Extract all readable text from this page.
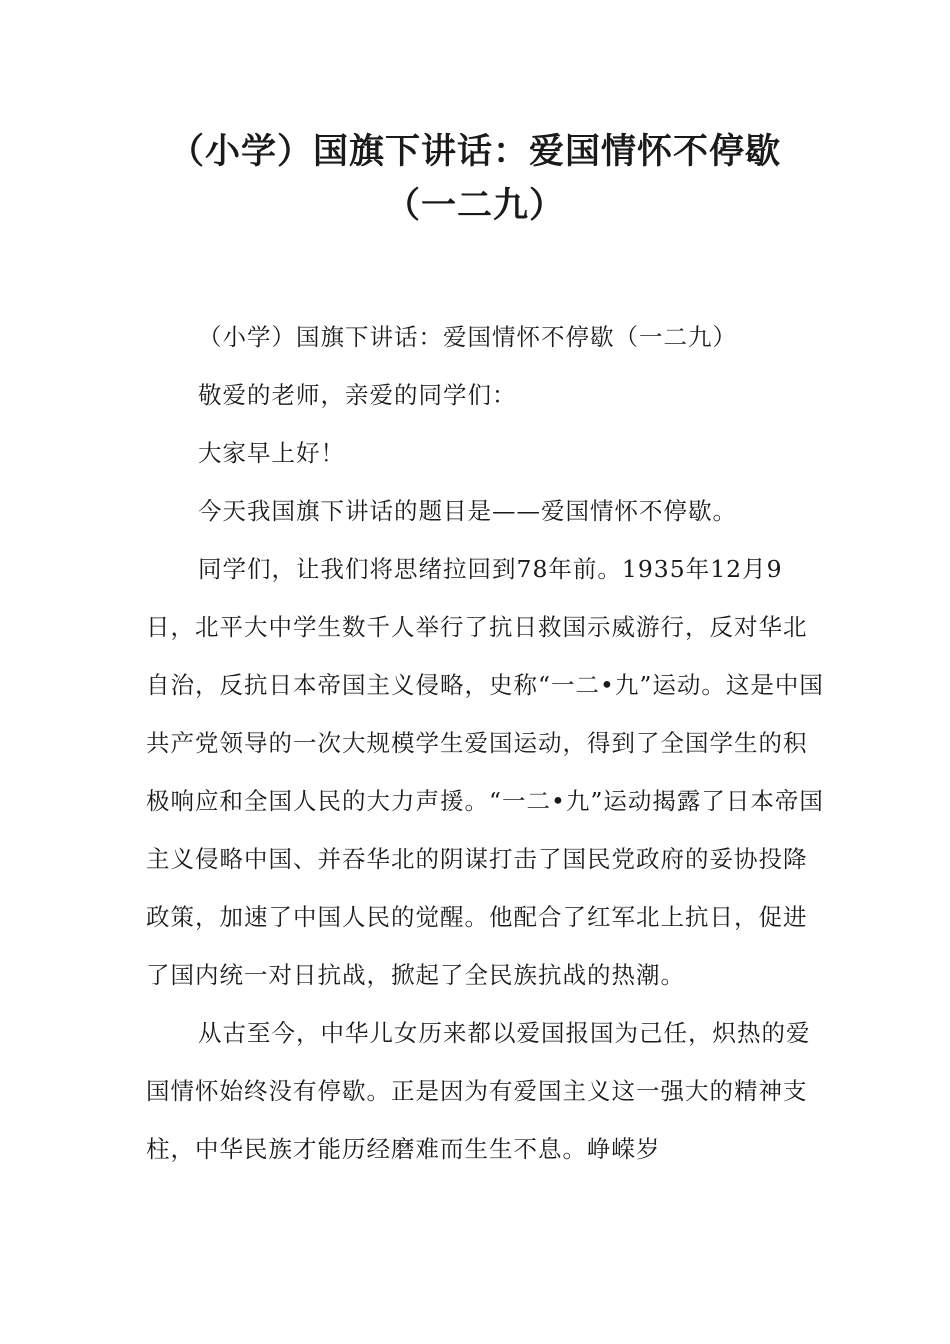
（小学）国旗下讲话：爱国情怀不停歇
（一二九）

（小学）国旗下讲话：爱国情怀不停歇（一二九）

敬爱的老师，亲爱的同学们：

大家早上好！

今天我国旗下讲话的题目是——爱国情怀不停歇。

同学们，让我们将思绪拉回到78年前。1935年12月9日，北平大中学生数千人举行了抗日救国示威游行，反对华北自治，反抗日本帝国主义侵略，史称“一二•九”运动。这是中国共产党领导的一次大规模学生爱国运动，得到了全国学生的积极响应和全国人民的大力声援。“一二•九”运动揭露了日本帝国主义侵略中国、并吞华北的阴谋打击了国民党政府的妥协投降政策，加速了中国人民的觉醒。他配合了红军北上抗日，促进了国内统一对日抗战，掀起了全民族抗战的热潮。

从古至今，中华儿女历来都以爱国报国为己任，炽热的爱国情怀始终没有停歇。正是因为有爱国主义这一强大的精神支柱，中华民族才能历经磨难而生生不息。峥嵘岁
